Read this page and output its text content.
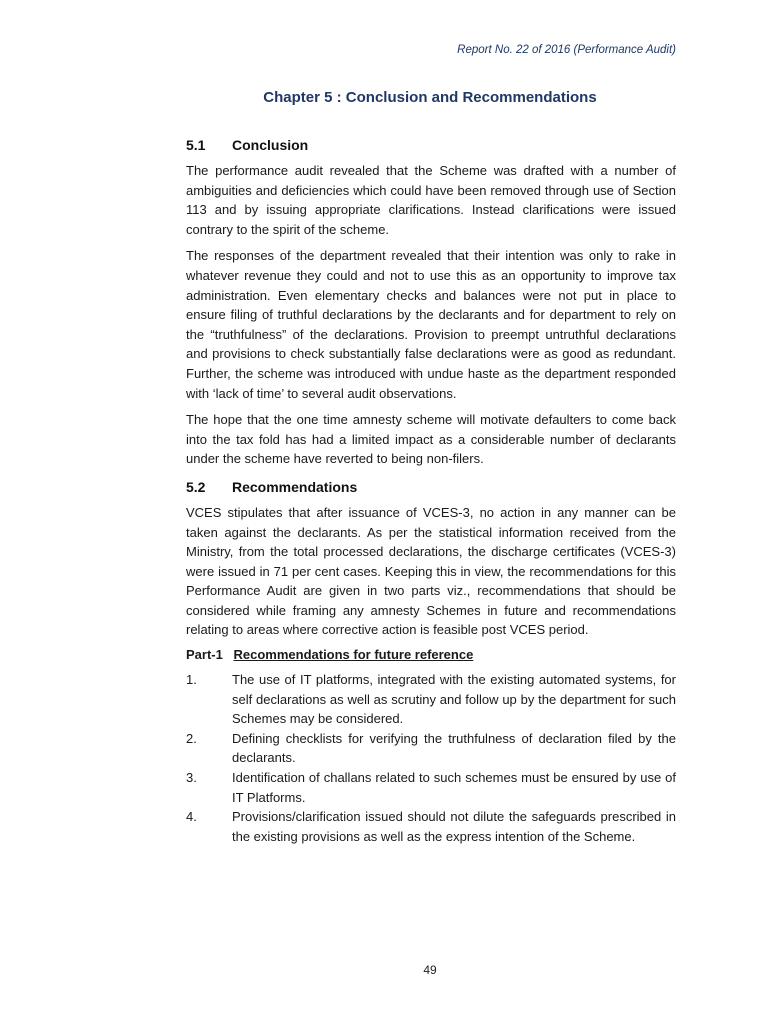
Report No. 22 of 2016 (Performance Audit)
Chapter 5 : Conclusion and Recommendations
5.1	Conclusion

The performance audit revealed that the Scheme was drafted with a number of ambiguities and deficiencies which could have been removed through use of Section 113 and by issuing appropriate clarifications. Instead clarifications were issued contrary to the spirit of the scheme.

The responses of the department revealed that their intention was only to rake in whatever revenue they could and not to use this as an opportunity to improve tax administration. Even elementary checks and balances were not put in place to ensure filing of truthful declarations by the declarants and for department to rely on the “truthfulness” of the declarations. Provision to preempt untruthful declarations and provisions to check substantially false declarations were as good as redundant. Further, the scheme was introduced with undue haste as the department responded with ‘lack of time’ to several audit observations.

The hope that the one time amnesty scheme will motivate defaulters to come back into the tax fold has had a limited impact as a considerable number of declarants under the scheme have reverted to being non-filers.

5.2	Recommendations

VCES stipulates that after issuance of VCES-3, no action in any manner can be taken against the declarants. As per the statistical information received from the Ministry, from the total processed declarations, the discharge certificates (VCES-3) were issued in 71 per cent cases. Keeping this in view, the recommendations for this Performance Audit are given in two parts viz., recommendations that should be considered while framing any amnesty Schemes in future and recommendations relating to areas where corrective action is feasible post VCES period.

Part-1 Recommendations for future reference
1.	The use of IT platforms, integrated with the existing automated systems, for self declarations as well as scrutiny and follow up by the department for such Schemes may be considered.
2.	Defining checklists for verifying the truthfulness of declaration filed by the declarants.
3.	Identification of challans related to such schemes must be ensured by use of IT Platforms.
4.	Provisions/clarification issued should not dilute the safeguards prescribed in the existing provisions as well as the express intention of the Scheme.
49
